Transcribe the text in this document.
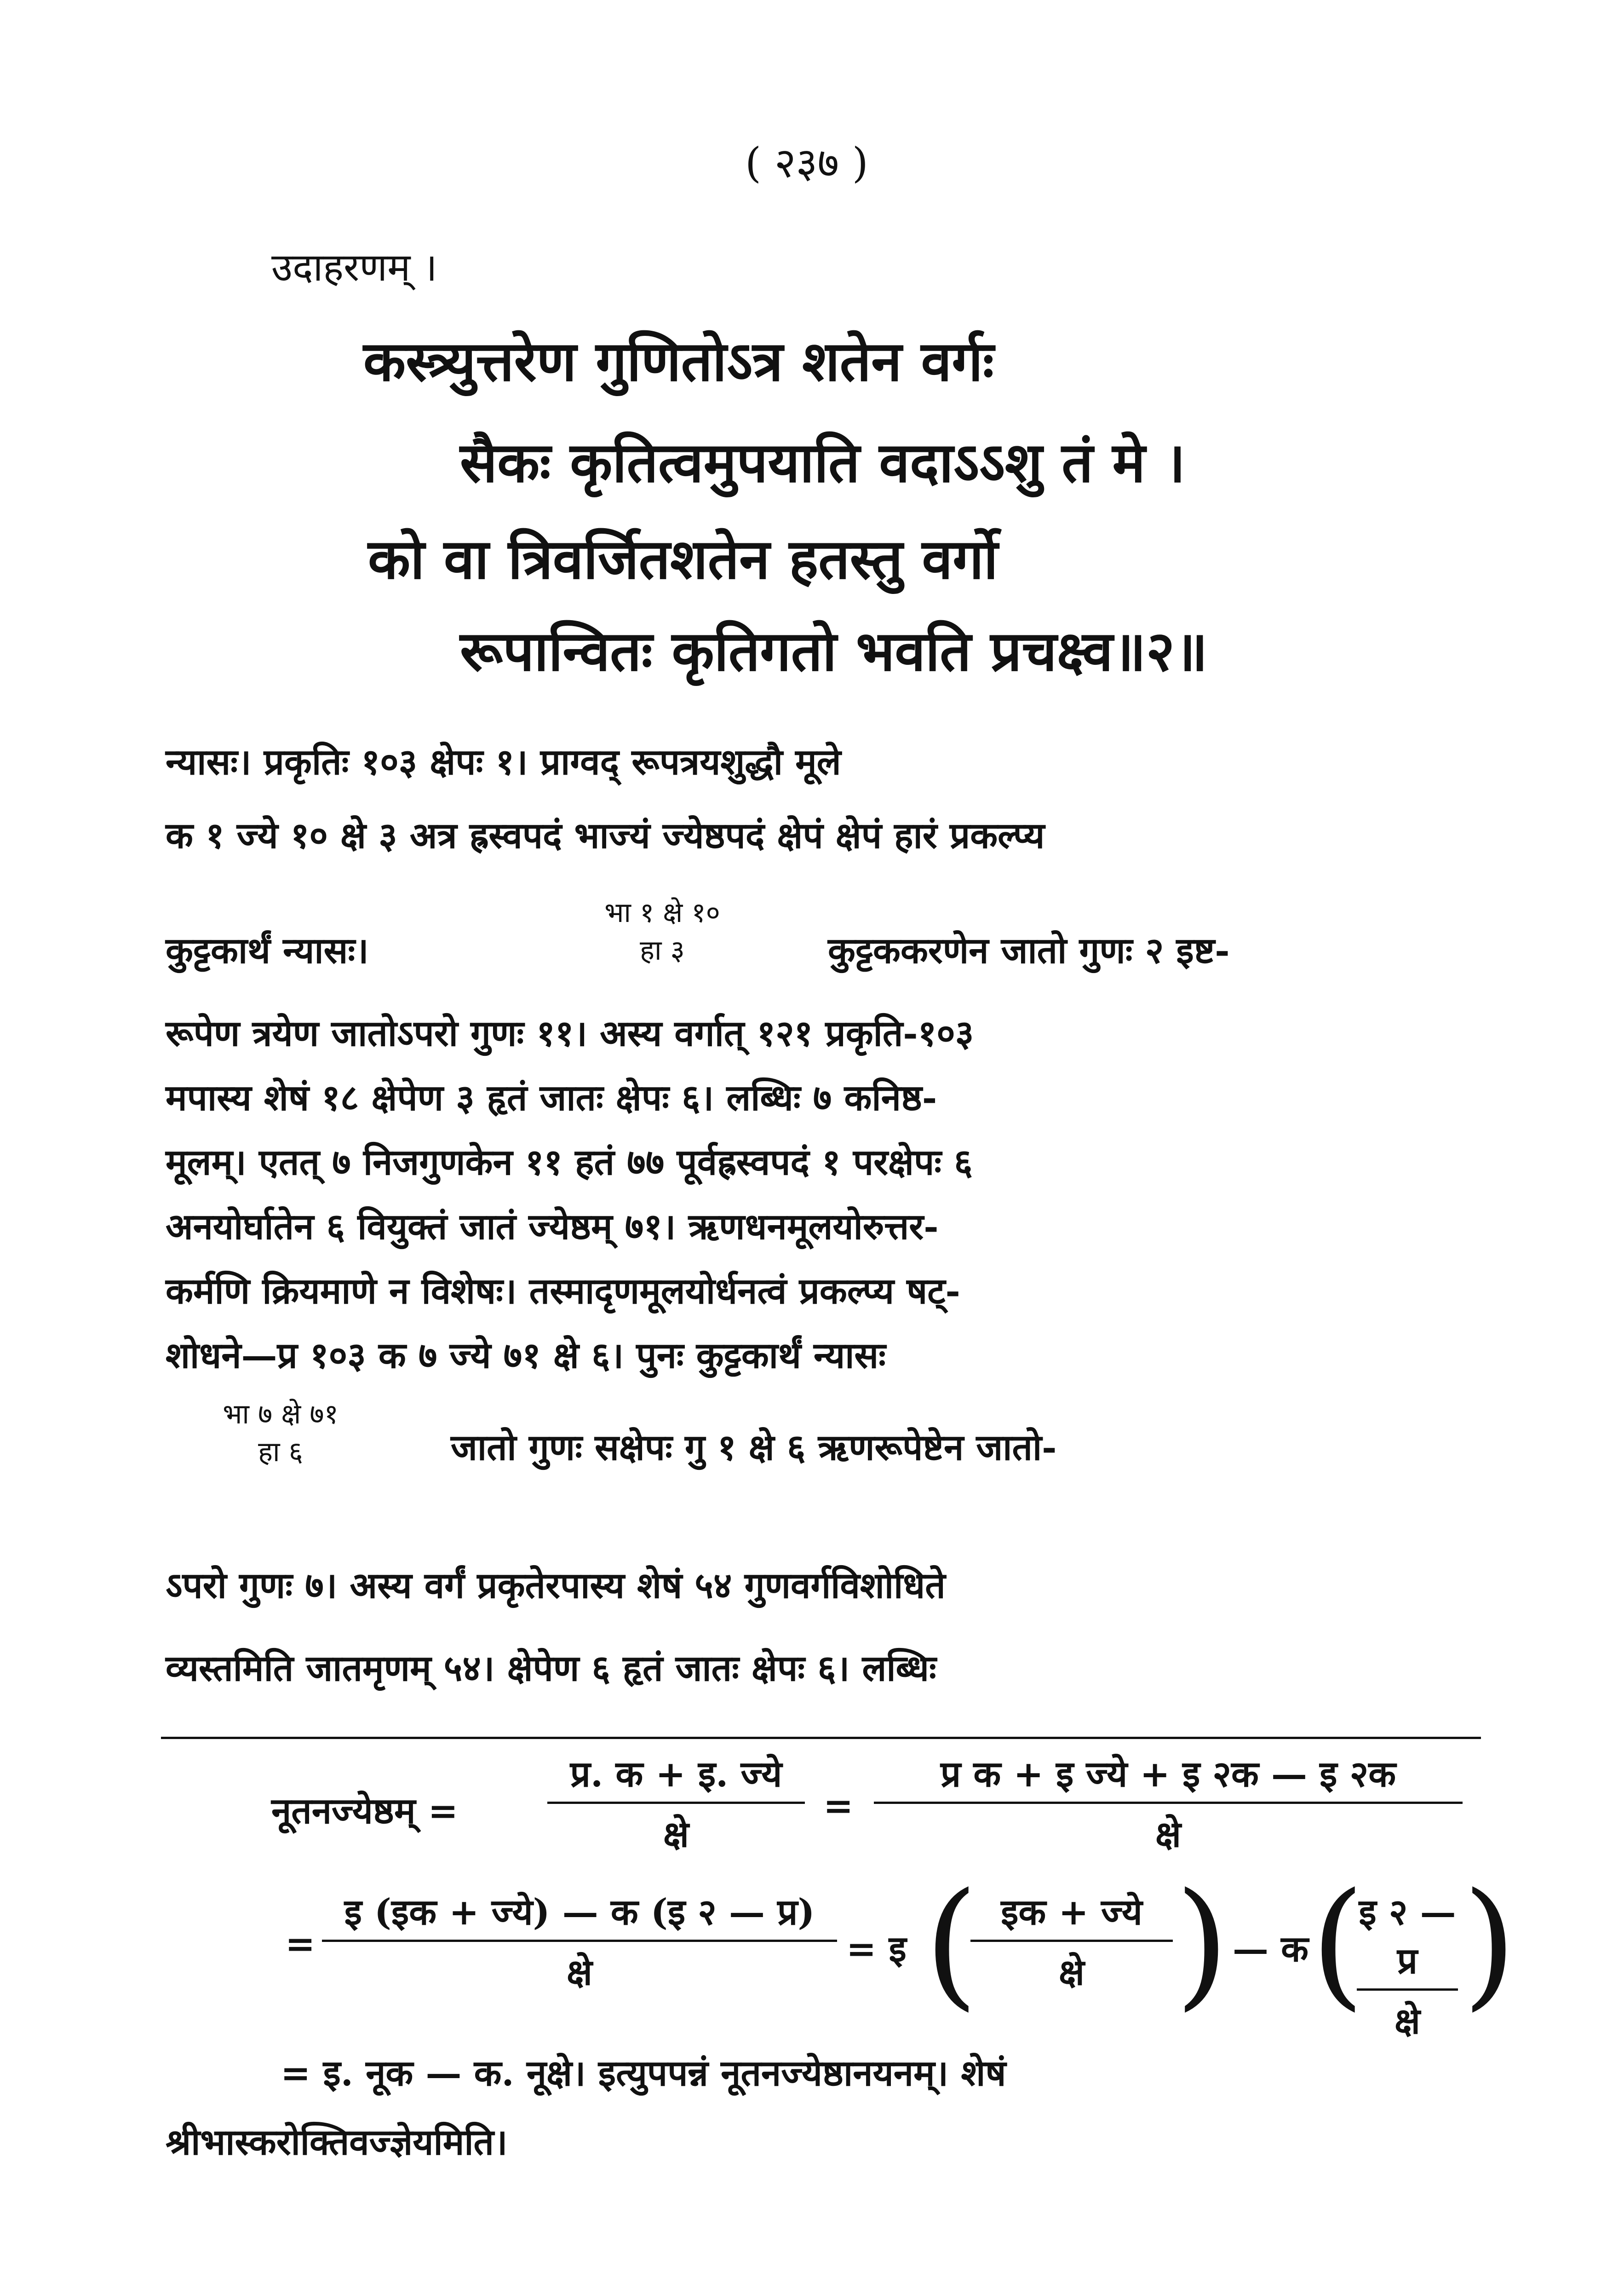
( २३७ )
उदाहरणम् ।
कस्त्र्युत्तरेण गुणितोऽत्र शतेन वर्गः
सैकः कृतित्वमुपयाति वदाऽऽशु तं मे ।
को वा त्रिवर्जितशतेन हतस्तु वर्गो
रूपान्वितः कृतिगतो भवति प्रचक्ष्व॥२॥
न्यासः। प्रकृतिः १०३ क्षेपः १। प्राग्वद् रूपत्रयशुद्धौ मूले
क १ ज्ये १० क्षे ३ अत्र ह्रस्वपदं भाज्यं ज्येष्ठपदं क्षेपं क्षेपं हारं प्रकल्प्य
कुट्टकार्थं न्यासः।
भा १ क्षे १०
हा ३	कुट्टककरणेन जातो गुणः २ इष्ट-
रूपेण त्रयेण जातोऽपरो गुणः ११। अस्य वर्गात् १२१ प्रकृति-१०३
मपास्य शेषं १८ क्षेपेण ३ हृतं जातः क्षेपः ६। लब्धिः ७ कनिष्ठ-
मूलम्। एतत् ७ निजगुणकेन ११ हतं ७७ पूर्वह्रस्वपदं १ परक्षेपः ६
अनयोर्घातेन ६ वियुक्तं जातं ज्येष्ठम् ७१। ऋणधनमूलयोरुत्तर-
कर्मणि क्रियमाणे न विशेषः। तस्मादृणमूलयोर्धनत्वं प्रकल्प्य षट्-
शोधने—प्र १०३ क ७ ज्ये ७१ क्षे ६। पुनः कुट्टकार्थं न्यासः
भा ७ क्षे ७१
हा ६	जातो गुणः सक्षेपः गु १ क्षे ६ ऋणरूपेष्टेन जातो-
ऽपरो गुणः ७। अस्य वर्गं प्रकृतेरपास्य शेषं ५४ गुणवर्गविशोधिते
व्यस्तमिति जातमृणम् ५४। क्षेपेण ६ हृतं जातः क्षेपः ६। लब्धिः
नूतनज्येष्ठम् =
प्र. क + इ. ज्ये
क्षे
=
प्र क + इ ज्ये + इ २क — इ २क
क्षे
=
इ (इक + ज्ये) — क (इ २ — प्र)
क्षे
= इ ( इक + ज्ये
क्षे ) — क (
इ २ — प्र
क्षे )
= इ. नूक — क. नूक्षे। इत्युपपन्नं नूतनज्येष्ठानयनम्। शेषं
श्रीभास्करोक्तिवज्ज्ञेयमिति।
